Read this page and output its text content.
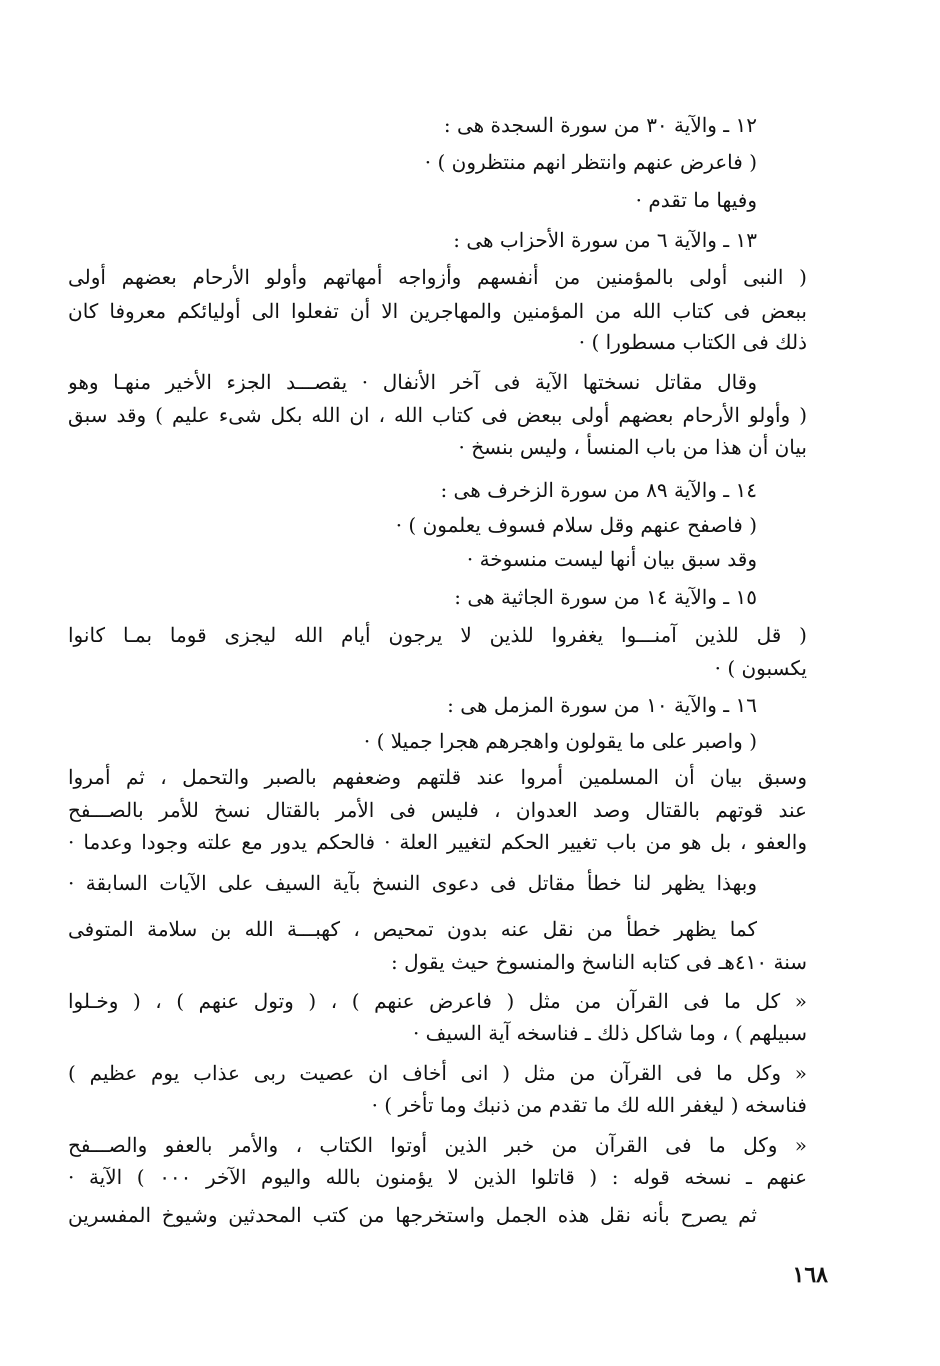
١٢ ـ والآية ٣٠ من سورة السجدة هى :
( فاعرض عنهم وانتظر انهم منتظرون ) ·
وفيها ما تقدم ·
١٣ ـ والآية ٦ من سورة الأحزاب هى :
( النبى أولى بالمؤمنين من أنفسهم وأزواجه أمهاتهم وأولو الأرحام بعضهم أولى
ببعض فى كتاب الله من المؤمنين والمهاجرين الا أن تفعلوا الى أوليائكم معروفا كان
ذلك فى الكتاب مسطورا ) ·
وقال مقاتل نسختها الآية فى آخر الأنفال · يقصـــد الجزء الأخير منهـا وهو
( وأولو الأرحام بعضهم أولى ببعض فى كتاب الله ، ان الله بكل شىء عليم ) وقد سبق
بيان أن هذا من باب المنسأ ، وليس بنسخ ·
١٤ ـ والآية ٨٩ من سورة الزخرف هى :
( فاصفح عنهم وقل سلام فسوف يعلمون ) ·
وقد سبق بيان أنها ليست منسوخة ·
١٥ ـ والآية ١٤ من سورة الجاثية هى :
( قل للذين آمنـــوا يغفروا للذين لا يرجون أيام الله ليجزى قوما بمـا كانوا
يكسبون ) ·
١٦ ـ والآية ١٠ من سورة المزمل هى :
( واصبر على ما يقولون واهجرهم هجرا جميلا ) ·
وسبق بيان أن المسلمين أمروا عند قلتهم وضعفهم بالصبر والتحمل ، ثم أمروا
عند قوتهم بالقتال وصد العدوان ، فليس فى الأمر بالقتال نسخ للأمر بالصـــفح
والعفو ، بل هو من باب تغيير الحكم لتغيير العلة · فالحكم يدور مع علته وجودا وعدما ·
وبهذا يظهر لنا خطأ مقاتل فى دعوى النسخ بآية السيف على الآيات السابقة ·
كما يظهر خطأ من نقل عنه بدون تمحيص ، كهبـــة الله بن سلامة المتوفى
سنة ٤١٠هـ فى كتابه الناسخ والمنسوخ حيث يقول :
« كل ما فى القرآن من مثل ( فاعرض عنهم ) ، ( وتول عنهم ) ، ( وخـلوا
سبيلهم ) ، وما شاكل ذلك ـ فناسخه آية السيف ·
« وكل ما فى القرآن من مثل ( انى أخاف ان عصيت ربى عذاب يوم عظيم )
فناسخه ( ليغفر الله لك ما تقدم من ذنبك وما تأخر ) ·
« وكل ما فى القرآن من خبر الذين أوتوا الكتاب ، والأمر بالعفو والصـــفح
عنهم ـ نسخه قوله : ( قاتلوا الذين لا يؤمنون بالله واليوم الآخر ٠٠٠ ) الآية ·
ثم يصرح بأنه نقل هذه الجمل واستخرجها من كتب المحدثين وشيوخ المفسرين
١٦٨
